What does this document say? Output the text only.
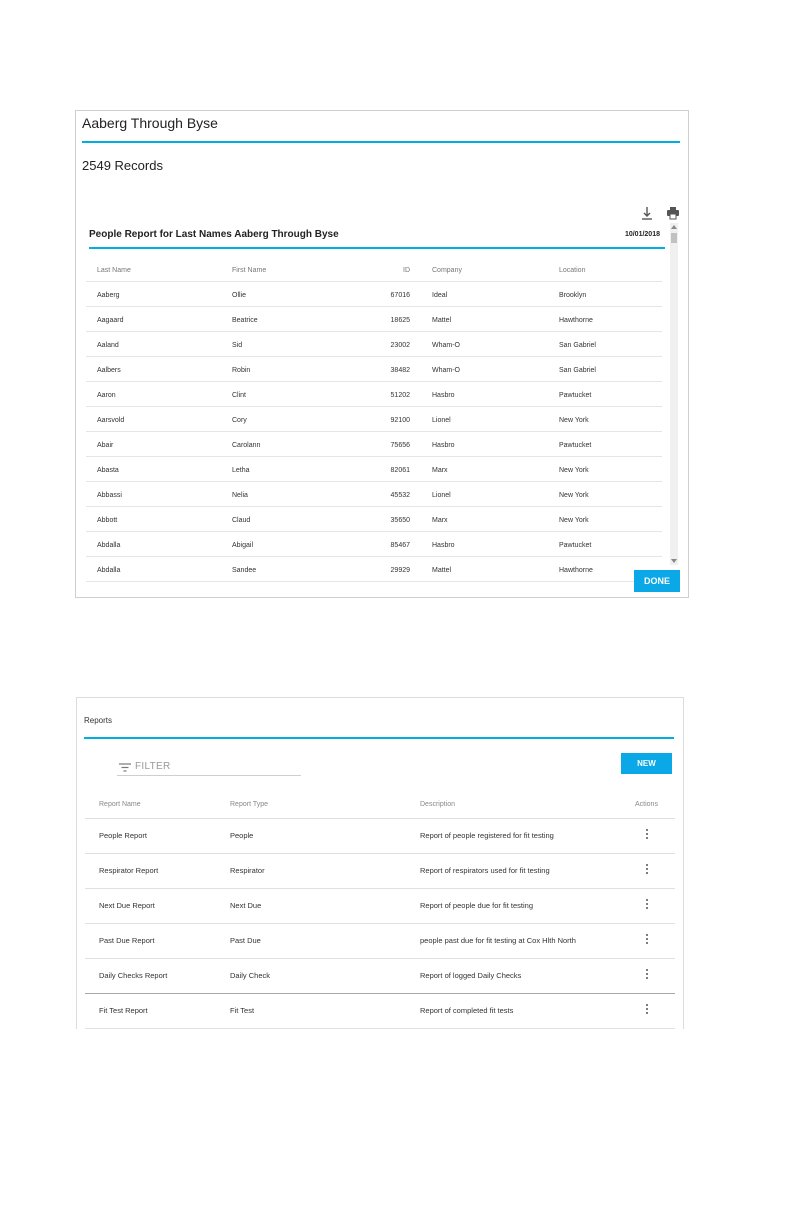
Aaberg Through Byse
2549 Records
People Report for Last Names Aaberg Through Byse	10/01/2018
Last Name	First Name	ID	Company	Location
Aaberg	Ollie	67016	Ideal	Brooklyn
Aagaard	Beatrice	18625	Mattel	Hawthorne
Aaland	Sid	23002	Wham-O	San Gabriel
Aalbers	Robin	38482	Wham-O	San Gabriel
Aaron	Clint	51202	Hasbro	Pawtucket
Aarsvold	Cory	92100	Lionel	New York
Abair	Carolann	75656	Hasbro	Pawtucket
Abasta	Letha	82061	Marx	New York
Abbassi	Nelia	45532	Lionel	New York
Abbott	Claud	35650	Marx	New York
Abdalla	Abigail	85467	Hasbro	Pawtucket
Abdalla	Sandee	29929	Mattel	Hawthorne
DONE
Reports
FILTER	NEW
Report Name	Report Type	Description	Actions
People Report	People	Report of people registered for fit testing
Respirator Report	Respirator	Report of respirators used for fit testing
Next Due Report	Next Due	Report of people due for fit testing
Past Due Report	Past Due	people past due for fit testing at Cox Hlth North
Daily Checks Report	Daily Check	Report of logged Daily Checks
Fit Test Report	Fit Test	Report of completed fit tests
